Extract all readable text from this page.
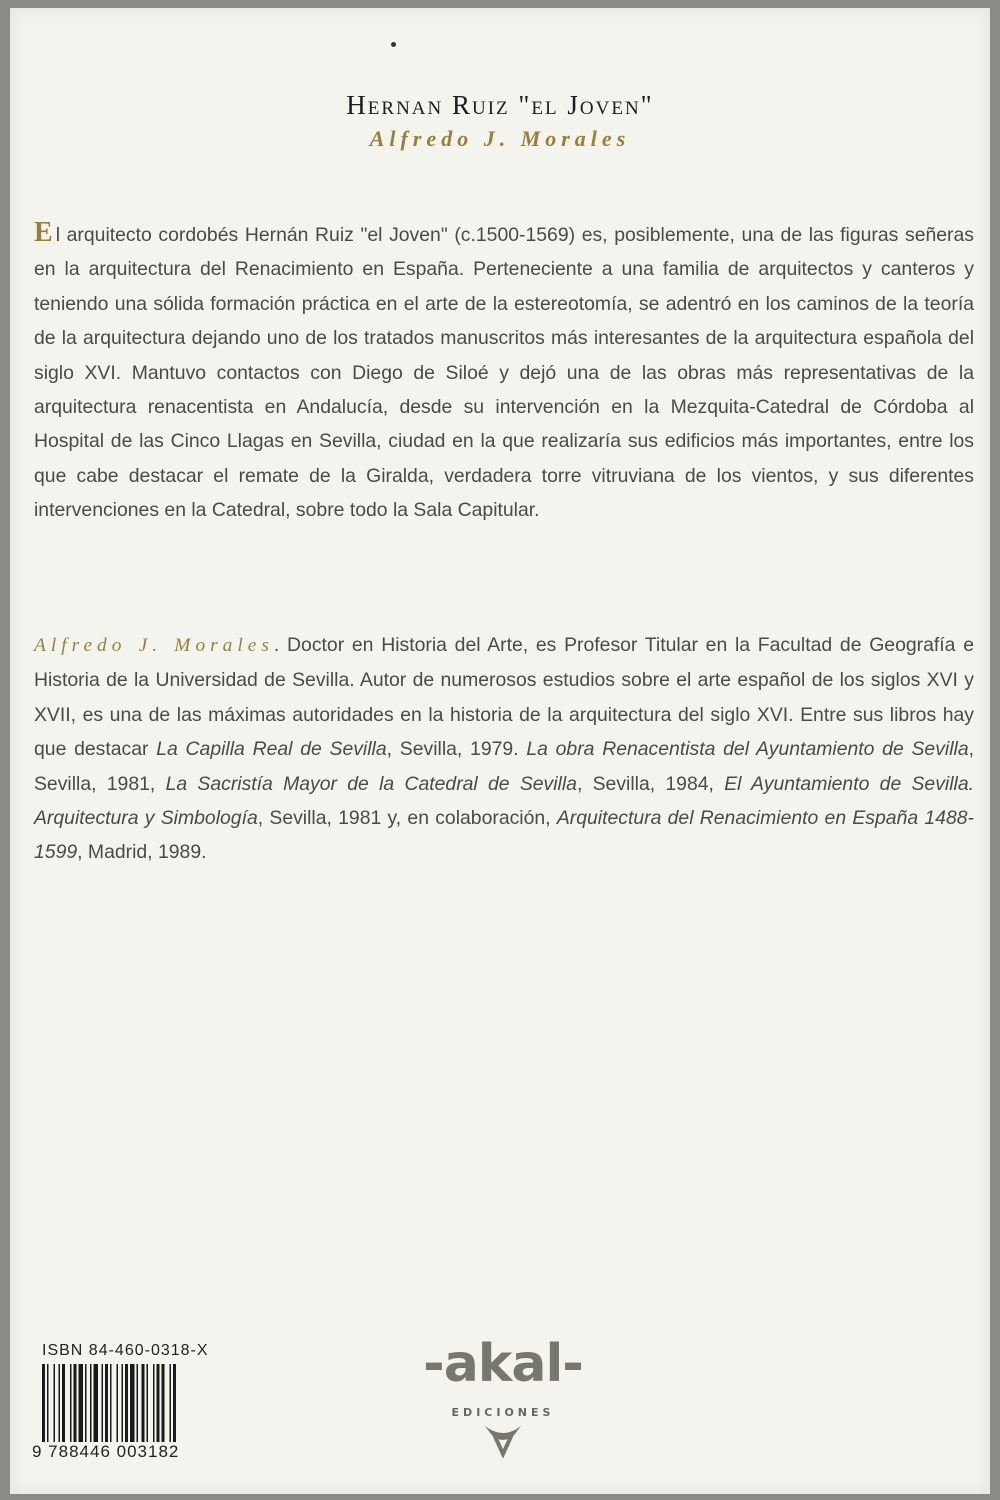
Hernan Ruiz "el Joven"
Alfredo J. Morales
E l arquitecto cordobés Hernán Ruiz "el Joven" (c.1500-1569) es, posiblemente, una de las figuras señeras en la arquitectura del Renacimiento en España. Perteneciente a una familia de arquitectos y canteros y teniendo una sólida formación práctica en el arte de la estereotomía, se adentró en los caminos de la teoría de la arquitectura dejando uno de los tratados manuscritos más interesantes de la arquitectura española del siglo XVI. Mantuvo contactos con Diego de Siloé y dejó una de las obras más representativas de la arquitectura renacentista en Andalucía, desde su intervención en la Mezquita-Catedral de Córdoba al Hospital de las Cinco Llagas en Sevilla, ciudad en la que realizaría sus edificios más importantes, entre los que cabe destacar el remate de la Giralda, verdadera torre vitruviana de los vientos, y sus diferentes intervenciones en la Catedral, sobre todo la Sala Capitular.
Alfredo J. Morales. Doctor en Historia del Arte, es Profesor Titular en la Facultad de Geografía e Historia de la Universidad de Sevilla. Autor de numerosos estudios sobre el arte español de los siglos XVI y XVII, es una de las máximas autoridades en la historia de la arquitectura del siglo XVI. Entre sus libros hay que destacar La Capilla Real de Sevilla, Sevilla, 1979. La obra Renacentista del Ayuntamiento de Sevilla, Sevilla, 1981, La Sacristía Mayor de la Catedral de Sevilla, Sevilla, 1984, El Ayuntamiento de Sevilla. Arquitectura y Simbología, Sevilla, 1981 y, en colaboración, Arquitectura del Renacimiento en España 1488-1599, Madrid, 1989.
ISBN 84-460-0318-X
9 788446 003182
-akal-
EDICIONES
